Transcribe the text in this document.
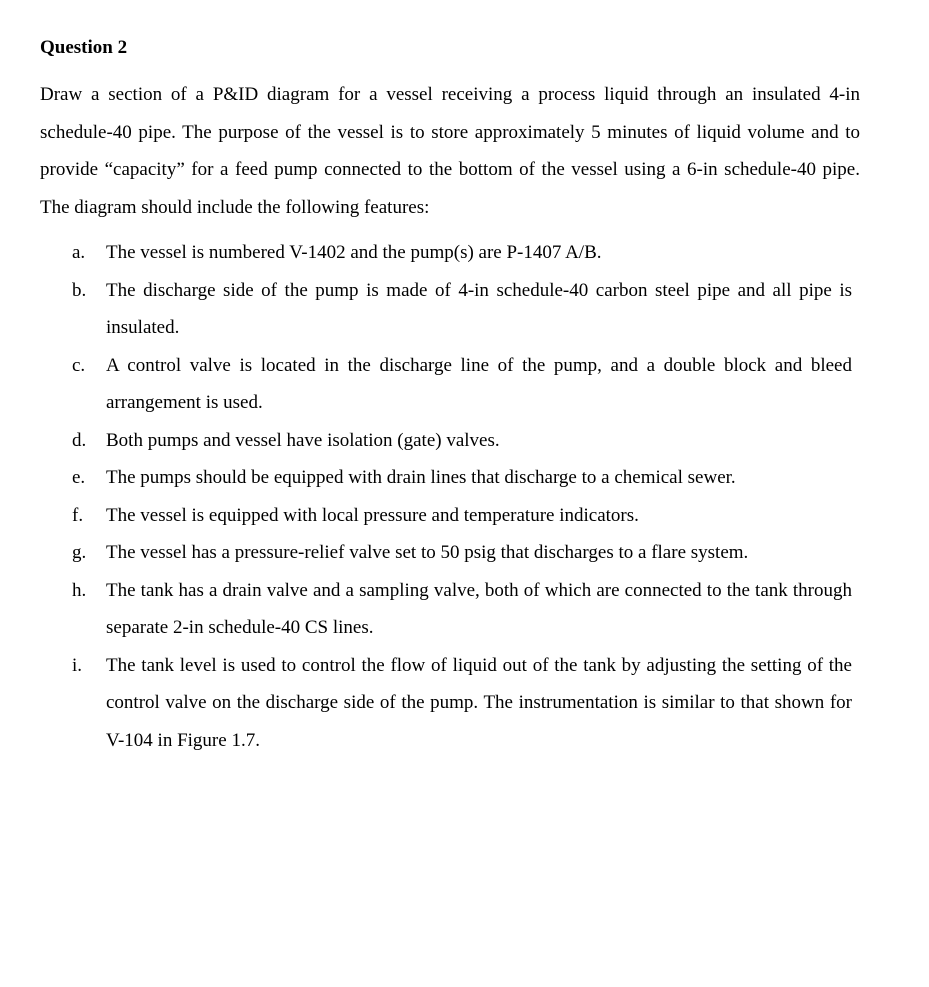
Question 2

Draw a section of a P&ID diagram for a vessel receiving a process liquid through an insulated 4-in schedule-40 pipe. The purpose of the vessel is to store approximately 5 minutes of liquid volume and to provide “capacity” for a feed pump connected to the bottom of the vessel using a 6-in schedule-40 pipe. The diagram should include the following features:

a.	The vessel is numbered V-1402 and the pump(s) are P-1407 A/B.
b.	The discharge side of the pump is made of 4-in schedule-40 carbon steel pipe and all pipe is insulated.
c.	A control valve is located in the discharge line of the pump, and a double block and bleed arrangement is used.
d.	Both pumps and vessel have isolation (gate) valves.
e.	The pumps should be equipped with drain lines that discharge to a chemical sewer.
f.	The vessel is equipped with local pressure and temperature indicators.
g.	The vessel has a pressure-relief valve set to 50 psig that discharges to a flare system.
h.	The tank has a drain valve and a sampling valve, both of which are connected to the tank through separate 2-in schedule-40 CS lines.
i.	The tank level is used to control the flow of liquid out of the tank by adjusting the setting of the control valve on the discharge side of the pump. The instrumentation is similar to that shown for V-104 in Figure 1.7.
